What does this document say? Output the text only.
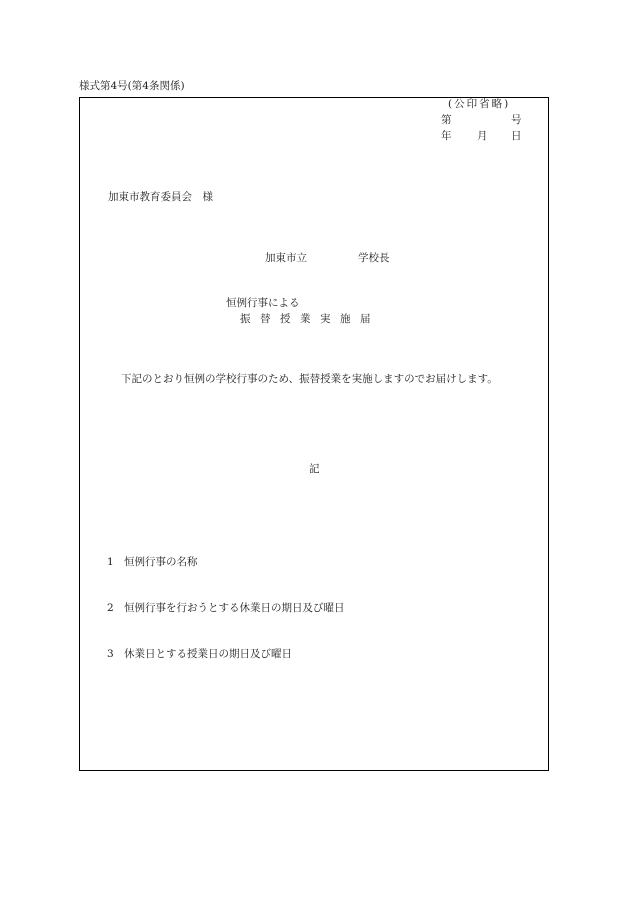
様式第4号(第4条関係)
(公印省略)
第	号
年 月 日
加東市教育委員会　様
加東市立	学校長
恒例行事による
振替授業実施届
下記のとおり恒例の学校行事のため、振替授業を実施しますのでお届けします。
記
1 恒例行事の名称
2 恒例行事を行おうとする休業日の期日及び曜日
3 休業日とする授業日の期日及び曜日
